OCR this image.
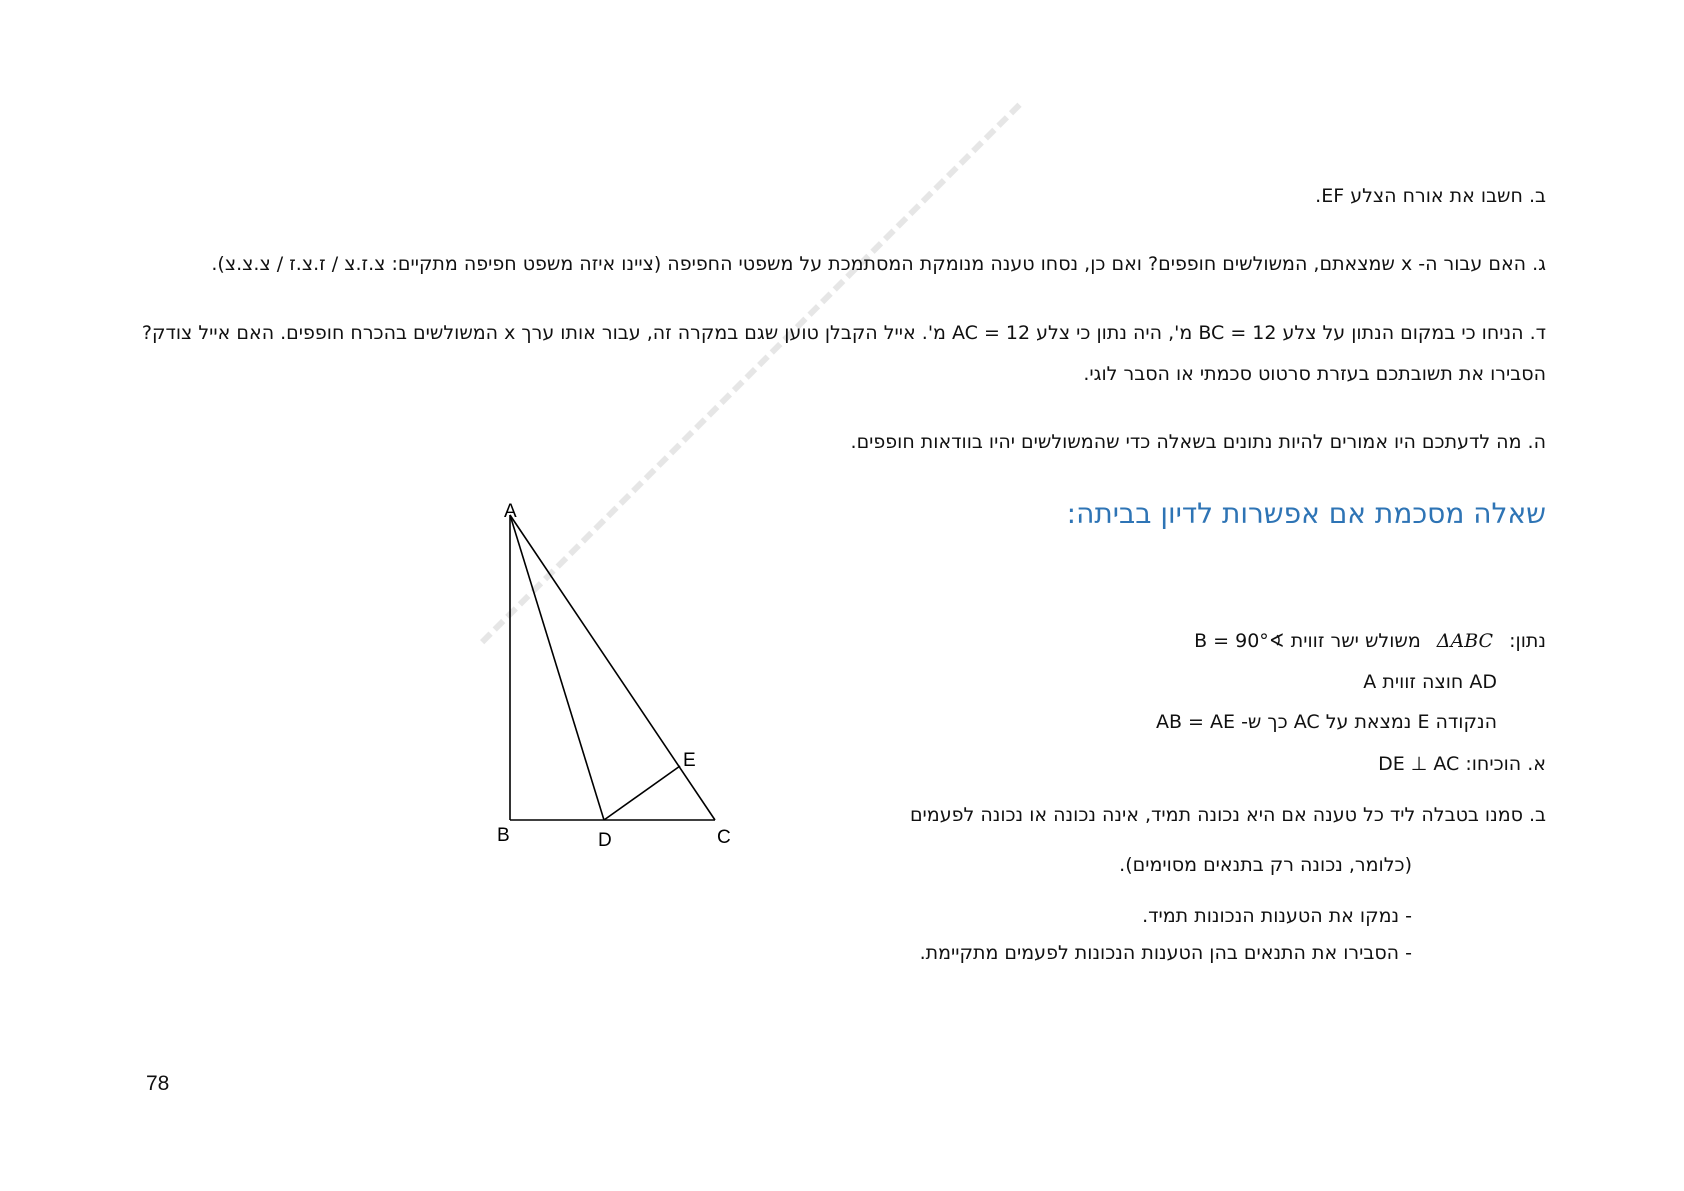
ב. חשבו את אורח הצלע EF.
ג. האם עבור ה- x שמצאתם, המשולשים חופפים? ואם כן, נסחו טענה מנומקת המסתמכת על משפטי החפיפה (ציינו איזה משפט חפיפה מתקיים: צ.ז.צ / ז.צ.ז / צ.צ.צ).
ד. הניחו כי במקום הנתון על צלע BC = 12 מ', היה נתון כי צלע AC = 12 מ'. אייל הקבלן טוען שגם במקרה זה, עבור אותו ערך x המשולשים בהכרח חופפים. האם אייל צודק?
הסבירו את תשובתכם בעזרת סרטוט סכמתי או הסבר לוגי.
ה. מה לדעתכם היו אמורים להיות נתונים בשאלה כדי שהמשולשים יהיו בוודאות חופפים.
שאלה מסכמת אם אפשרות לדיון בביתה:
נתון: ΔABC משולש ישר זווית ∢B = 90°
AD חוצה זווית A
הנקודה E נמצאת על AC כך ש- AB = AE
א. הוכיחו: DE ⊥ AC
ב. סמנו בטבלה ליד כל טענה אם היא נכונה תמיד, אינה נכונה או נכונה לפעמים
(כלומר, נכונה רק בתנאים מסוימים).
- נמקו את הטענות הנכונות תמיד.
- הסבירו את התנאים בהן הטענות הנכונות לפעמים מתקיימת.
A
B	D	C
E
78
